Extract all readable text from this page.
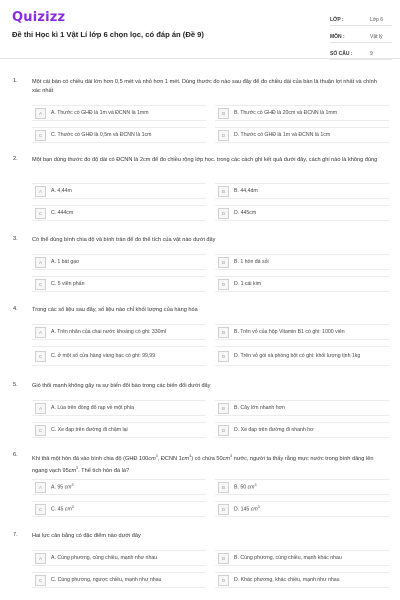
Quizizz
Đề thi Học kì 1 Vật Lí lớp 6 chọn lọc, có đáp án (Đề 9)
LỚP :	Lớp 6
MÔN :	Vật lý
SỐ CÂU :	9
1.	Một cái bàn có chiều dài lớn hơn 0,5 mét và nhỏ hơn 1 mét. Dùng thước đo nào sau đây để đo chiều dài của bàn là thuận lợi nhất và chính xác nhất
A	A. Thước có GHĐ là 1m và ĐCNN là 1mm	B	B. Thước có GHĐ là 20cm và ĐCNN là 1mm
C	C. Thước có GHĐ là 0,5m và ĐCNN là 1cm	D	D. Thước có GHĐ là 1m và ĐCNN là 1cm
2.	Một bạn dùng thước đo độ dài có ĐCNN là 2cm để đo chiều rộng lớp học. trong các cách ghi kết quả dưới đây, cách ghi nào là không đúng
A	A. 4,44m	B	B. 44,4dm
C	C. 444cm	D	D. 445cm
3.	Có thể dùng bình chia độ và bình tràn để đo thể tích của vật nào dưới đây
A	A. 1 bát gạo	B	B. 1 hòn đá sỏi
C	C. 5 viên phấn	D	D. 1 cái kim
4.	Trong các số liệu sau đây, số liệu nào chỉ khối lượng của hàng hóa
A	A. Trên nhãn của chai nước khoáng có ghi: 330ml	B	B. Trên vỏ của hộp Vitamin B1 có ghi: 1000 viên
C	C. ở một số cửa hàng vàng bạc có ghi: 99,99	D	D. Trên vỏ gói xà phòng bột có ghi: khối lượng tịnh 1kg
5.	Gió thổi mạnh không gây ra sự biến đổi bào trong các biến đổi dưới đây
A	A. Lúa trên đồng đổ rạp về một phía	B	B. Cây lớn nhanh hơn
C	C. Xe đạp trên đường đi chậm lại	D	D. Xe đạp trên đường đi nhanh hơ
6.
Khi thả một hòn đá vào bình chia độ (GHĐ $100cm^3$, ĐCNN $1cm^3$) có chứa $50cm^3$ nước, người ta thấy rằng mực nước trong bình dâng lên ngang vạch $95cm^3$. Thể tích hòn đá là?
A	A. 95 $cm^3$	B	B. 50 $cm^3$
C	C. 45 $cm^3$	D	D. 145 $cm^3$
7.	Hai lực cân bằng có đặc điểm nào dưới đây
A	A. Cùng phương, cùng chiều, mạnh như nhau	B	B. Cùng phương, cùng chiều, mạnh khác nhau
C	C. Cùng phương, ngược chiều, mạnh như nhau	D	D. Khác phương, khác chiều, mạnh như nhau
